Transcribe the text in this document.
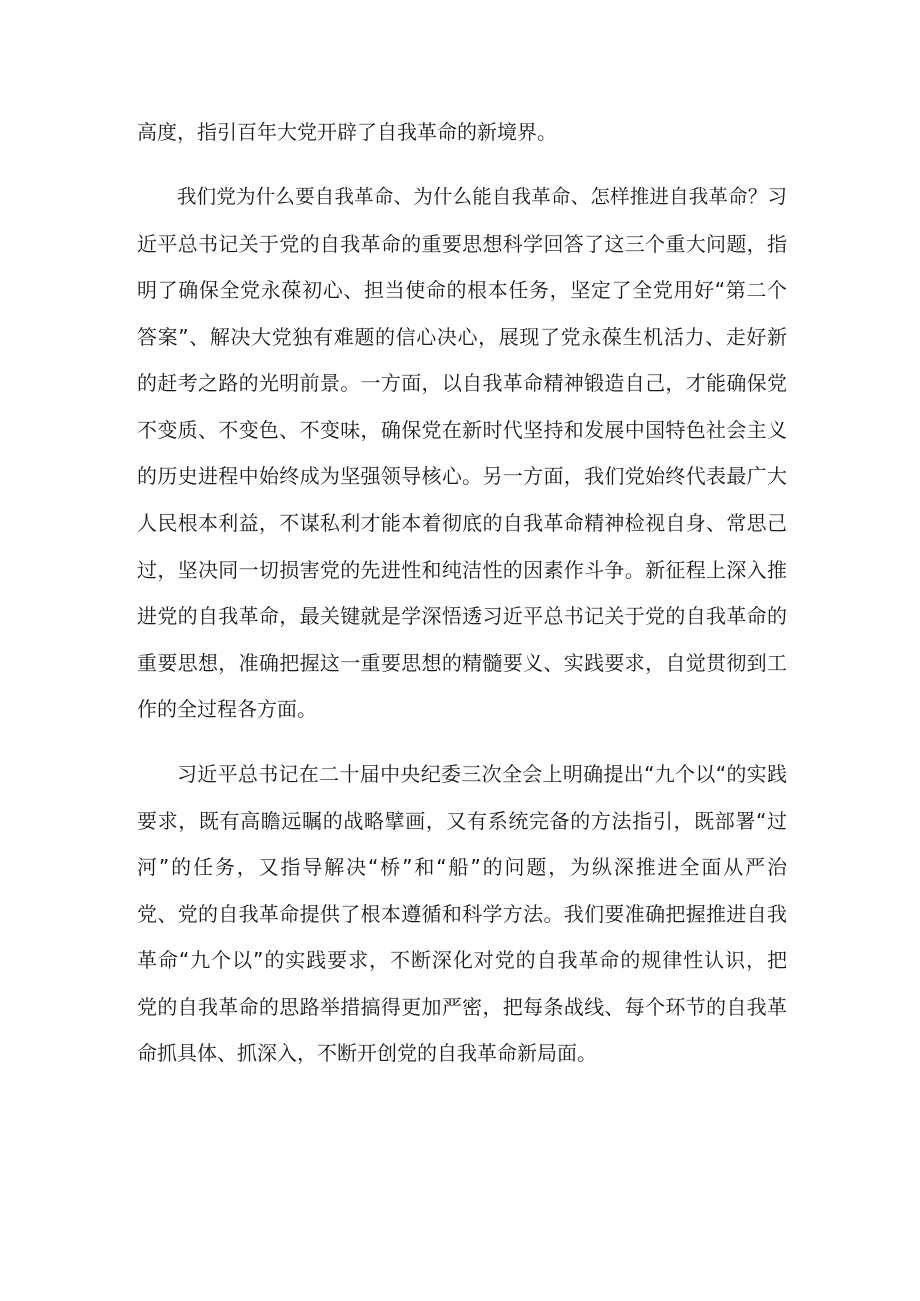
高度，指引百年大党开辟了自我革命的新境界。
我们党为什么要自我革命、为什么能自我革命、怎样推进自我革命？习
近平总书记关于党的自我革命的重要思想科学回答了这三个重大问题，指
明了确保全党永葆初心、担当使命的根本任务，坚定了全党用好“第二个
答案”、解决大党独有难题的信心决心，展现了党永葆生机活力、走好新
的赶考之路的光明前景。一方面，以自我革命精神锻造自己，才能确保党
不变质、不变色、不变味，确保党在新时代坚持和发展中国特色社会主义
的历史进程中始终成为坚强领导核心。另一方面，我们党始终代表最广大
人民根本利益，不谋私利才能本着彻底的自我革命精神检视自身、常思己
过，坚决同一切损害党的先进性和纯洁性的因素作斗争。新征程上深入推
进党的自我革命，最关键就是学深悟透习近平总书记关于党的自我革命的
重要思想，准确把握这一重要思想的精髓要义、实践要求，自觉贯彻到工
作的全过程各方面。
习近平总书记在二十届中央纪委三次全会上明确提出“九个以“的实践
要求，既有高瞻远瞩的战略擘画，又有系统完备的方法指引，既部署“过
河”的任务，又指导解决“桥”和“船”的问题，为纵深推进全面从严治
党、党的自我革命提供了根本遵循和科学方法。我们要准确把握推进自我
革命“九个以”的实践要求，不断深化对党的自我革命的规律性认识，把
党的自我革命的思路举措搞得更加严密，把每条战线、每个环节的自我革
命抓具体、抓深入，不断开创党的自我革命新局面。
